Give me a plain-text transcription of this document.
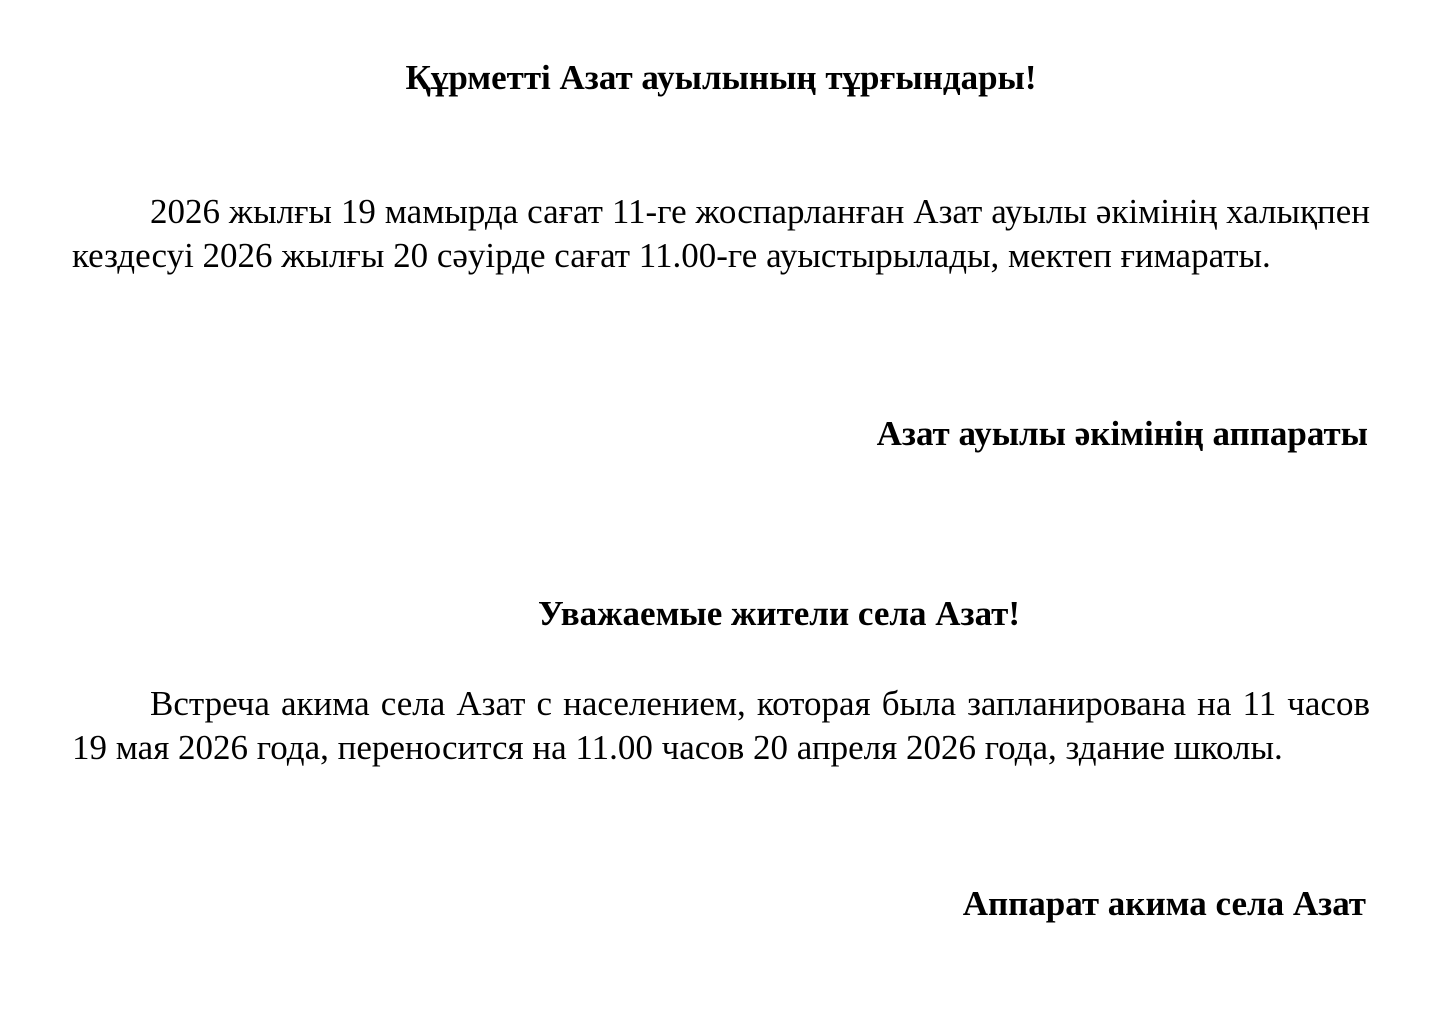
Құрметті Азат ауылының тұрғындары!
2026 жылғы 19 мамырда сағат 11-ге жоспарланған Азат ауылы әкімінің халықпен кездесуі 2026 жылғы 20 сәуірде сағат 11.00-ге ауыстырылады, мектеп ғимараты.
Азат ауылы әкімінің аппараты
Уважаемые жители села Азат!
Встреча акима села Азат с населением, которая была запланирована на 11 часов 19 мая 2026 года, переносится на 11.00 часов 20 апреля 2026 года, здание школы.
Аппарат акима села Азат
